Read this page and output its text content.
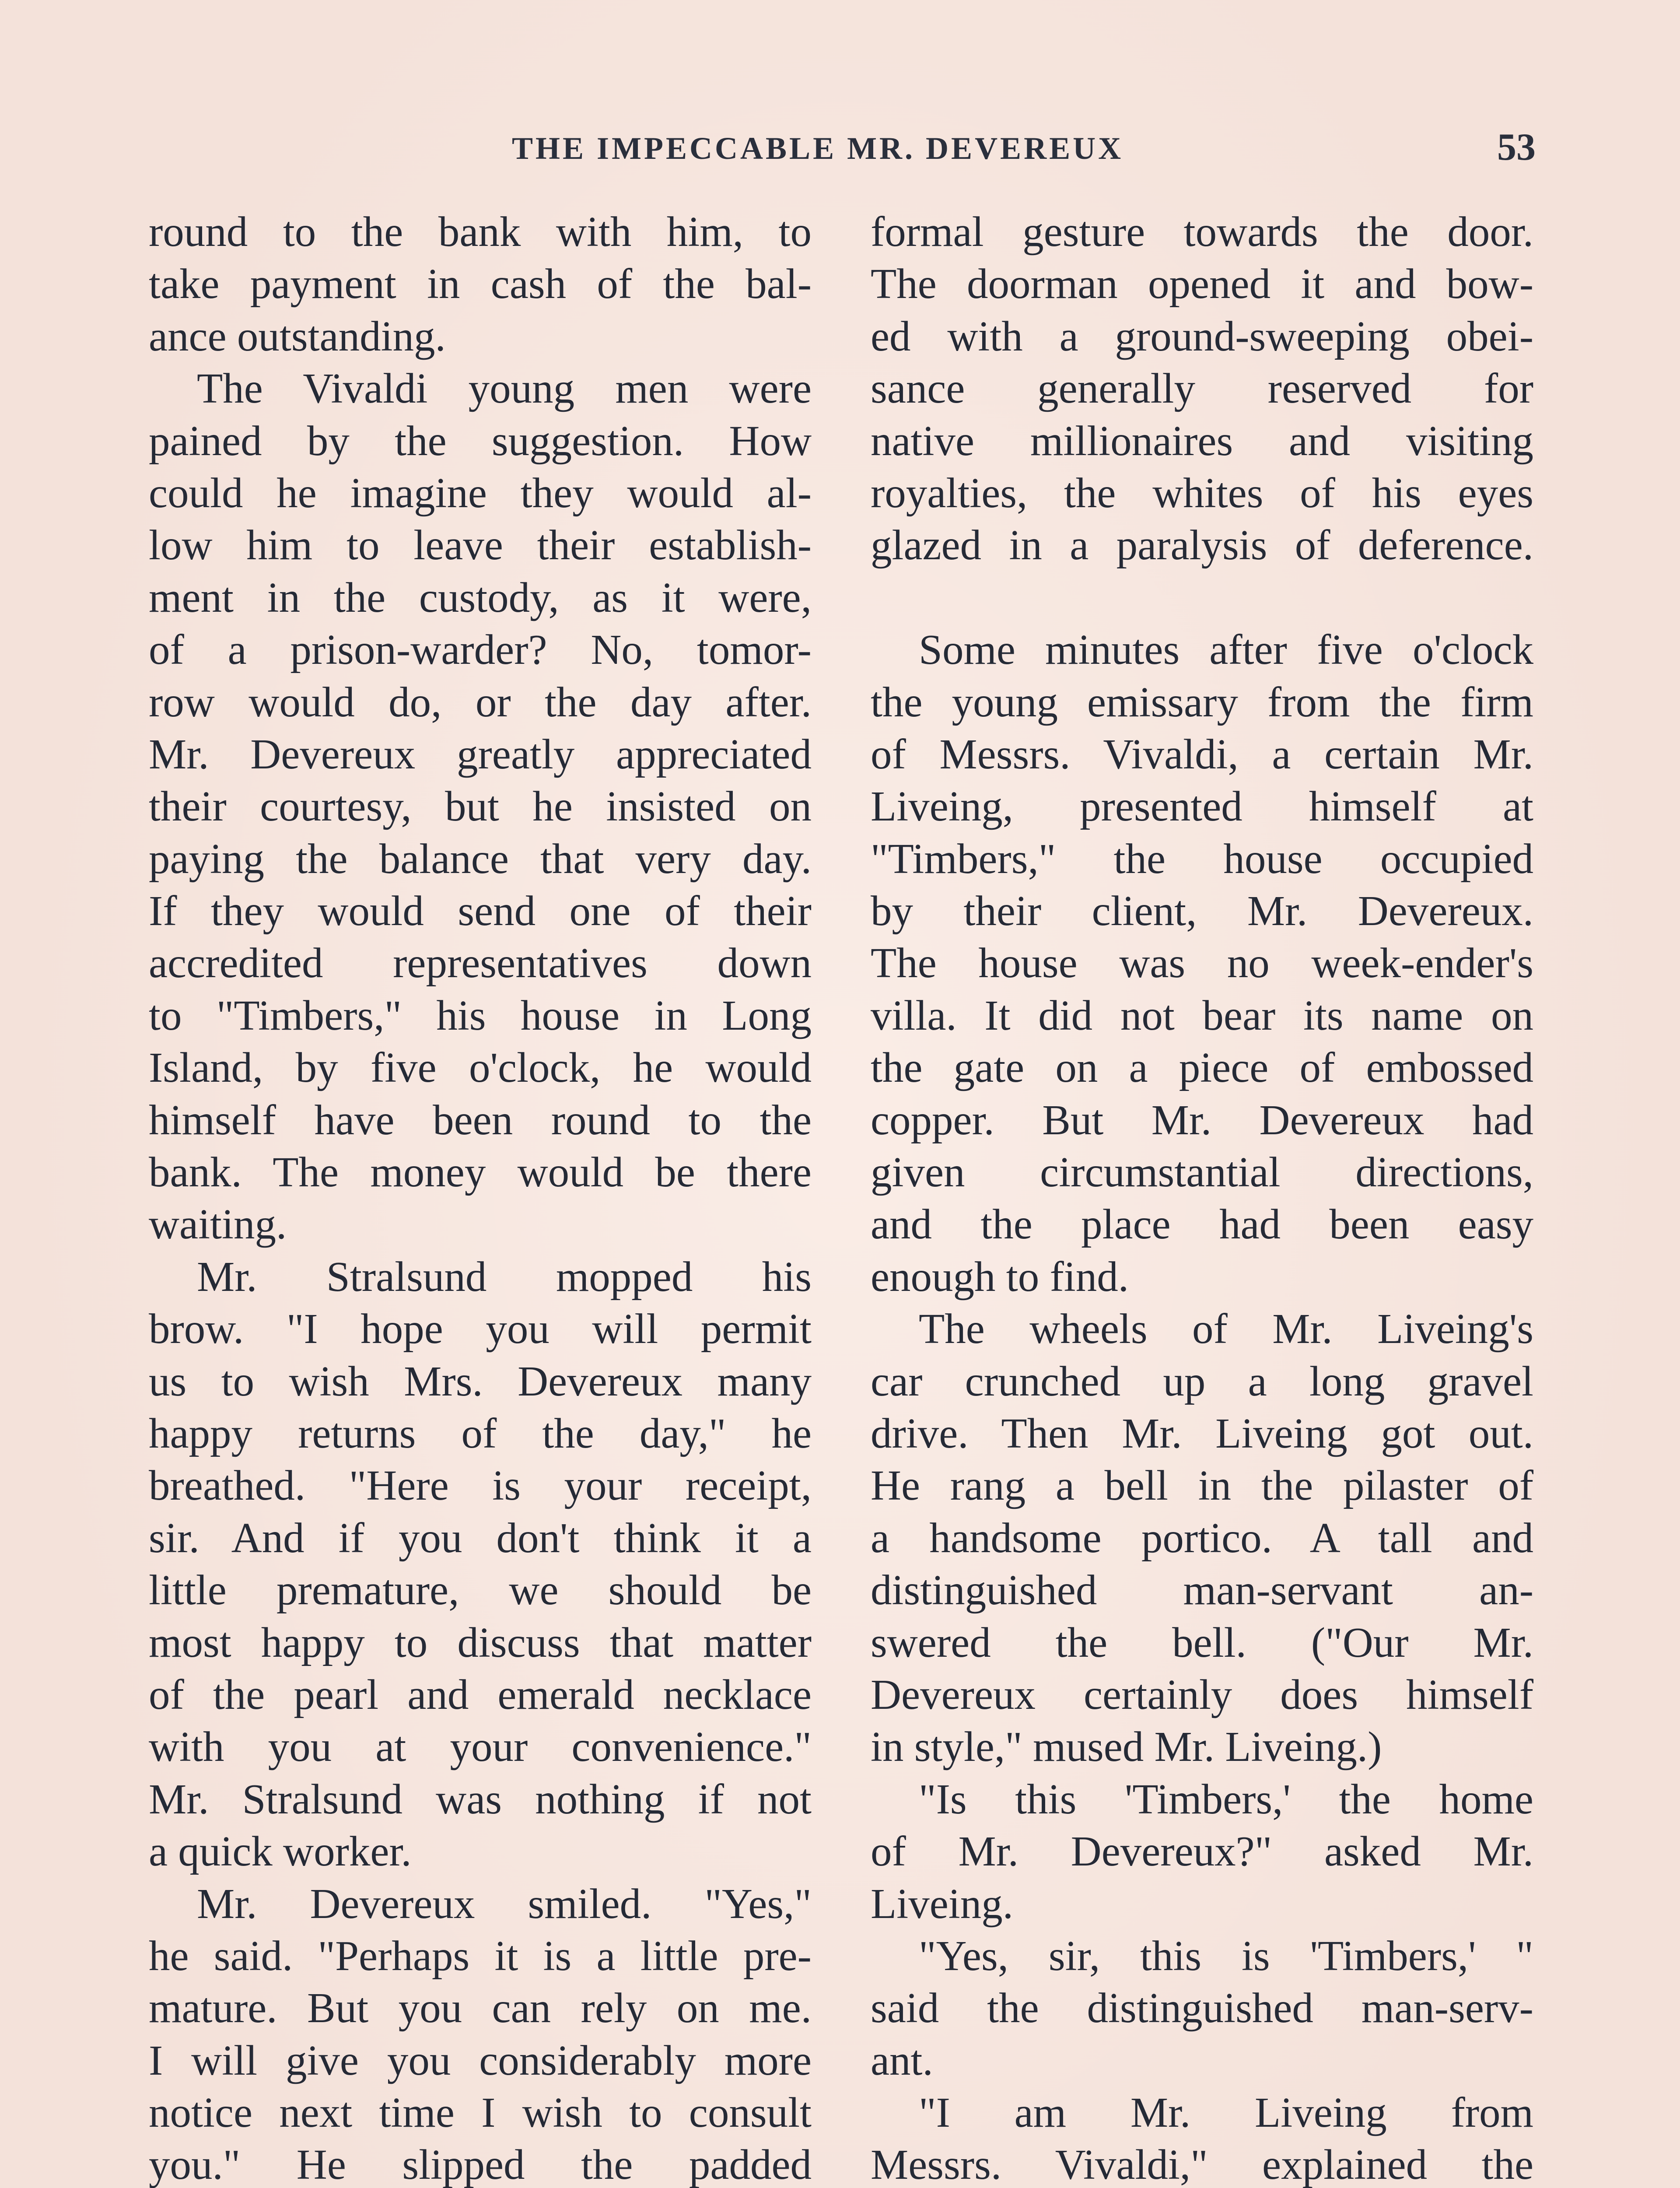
THE IMPECCABLE MR. DEVEREUX	53
round to the bank with him, to
take payment in cash of the bal-
ance outstanding.
The Vivaldi young men were
pained by the suggestion. How
could he imagine they would al-
low him to leave their establish-
ment in the custody, as it were,
of a prison-warder? No, tomor-
row would do, or the day after.
Mr. Devereux greatly appreciated
their courtesy, but he insisted on
paying the balance that very day.
If they would send one of their
accredited representatives down
to "Timbers," his house in Long
Island, by five o'clock, he would
himself have been round to the
bank. The money would be there
waiting.
Mr. Stralsund mopped his
brow. "I hope you will permit
us to wish Mrs. Devereux many
happy returns of the day," he
breathed. "Here is your receipt,
sir. And if you don't think it a
little premature, we should be
most happy to discuss that matter
of the pearl and emerald necklace
with you at your convenience."
Mr. Stralsund was nothing if not
a quick worker.
Mr. Devereux smiled. "Yes,"
he said. "Perhaps it is a little pre-
mature. But you can rely on me.
I will give you considerably more
notice next time I wish to consult
you." He slipped the padded
formal gesture towards the door.
The doorman opened it and bow-
ed with a ground-sweeping obei-
sance generally reserved for
native millionaires and visiting
royalties, the whites of his eyes
glazed in a paralysis of deference.
Some minutes after five o'clock
the young emissary from the firm
of Messrs. Vivaldi, a certain Mr.
Liveing, presented himself at
"Timbers," the house occupied
by their client, Mr. Devereux.
The house was no week-ender's
villa. It did not bear its name on
the gate on a piece of embossed
copper. But Mr. Devereux had
given circumstantial directions,
and the place had been easy
enough to find.
The wheels of Mr. Liveing's
car crunched up a long gravel
drive. Then Mr. Liveing got out.
He rang a bell in the pilaster of
a handsome portico. A tall and
distinguished man-servant an-
swered the bell. ("Our Mr.
Devereux certainly does himself
in style," mused Mr. Liveing.)
"Is this 'Timbers,' the home
of Mr. Devereux?" asked Mr.
Liveing.
"Yes, sir, this is 'Timbers,' "
said the distinguished man-serv-
ant.
"I am Mr. Liveing from
Messrs. Vivaldi," explained the
